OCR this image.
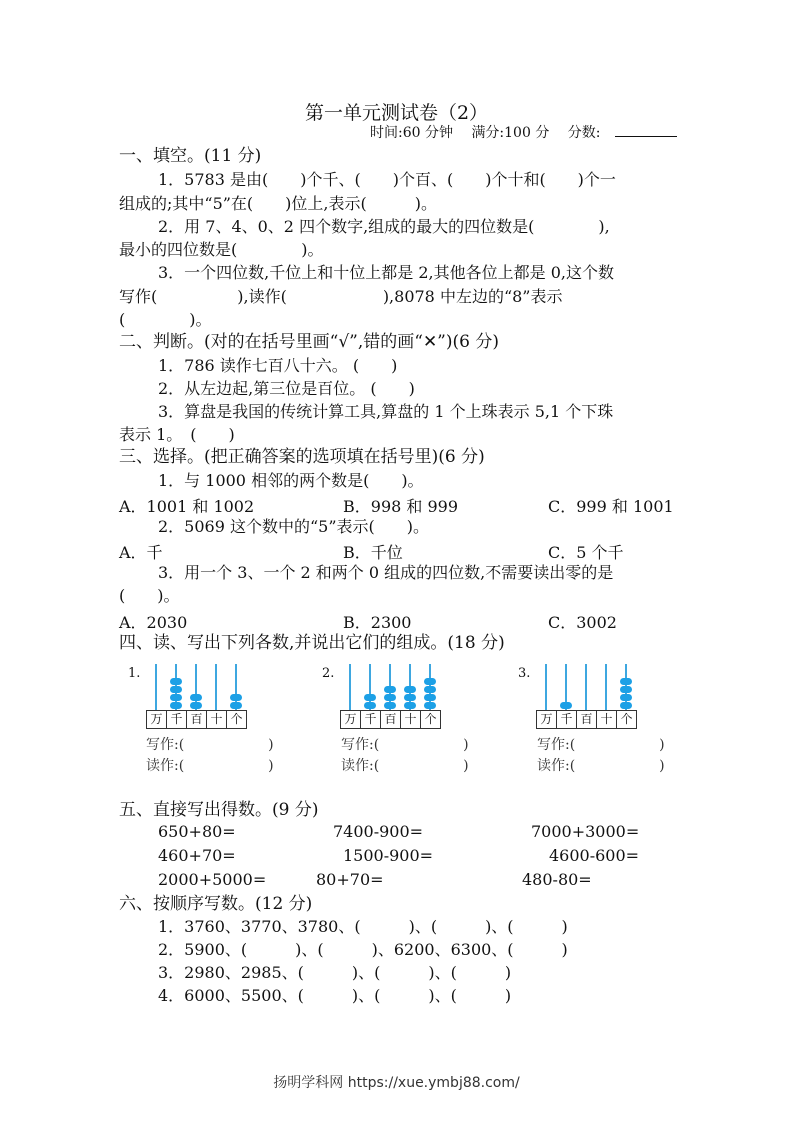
第一单元测试卷（2）
时间:60 分钟 满分:100 分 分数:
一、填空。(11 分)
1．5783 是由(　　)个千、(　　)个百、(　　)个十和(　　)个一
组成的;其中“5”在(　　)位上,表示(　　　)。
2．用 7、4、0、2 四个数字,组成的最大的四位数是(　　　　),
最小的四位数是(　　　　)。
3．一个四位数,千位上和十位上都是 2,其他各位上都是 0,这个数
写作(　　　　　),读作(　　　　　　),8078 中左边的“8”表示
(　　　　)。
二、判断。(对的在括号里画“√”,错的画“✕”)(6 分)
1．786 读作七百八十六。 (　　)
2．从左边起,第三位是百位。 (　　)
3．算盘是我国的传统计算工具,算盘的 1 个上珠表示 5,1 个下珠
表示 1。　(　　)
三、选择。(把正确答案的选项填在括号里)(6 分)
1．与 1000 相邻的两个数是(　　)。
A．1001 和 1002	B．998 和 999	C．999 和 1001
2．5069 这个数中的“5”表示(　　)。
A．千	B．千位	C．5 个千
3．用一个 3、一个 2 和两个 0 组成的四位数,不需要读出零的是
(　　)。
A．2030	B．2300	C．3002
四、读、写出下列各数,并说出它们的组成。(18 分)
1.
万 千 百 十 个
2.
万 千 百 十 个
3.
万 千 百 十 个
写作:(　　　　　　)
读作:(　　　　　　)
写作:(　　　　　　)
读作:(　　　　　　)
写作:(　　　　　　)
读作:(　　　　　　)
五、直接写出得数。(9 分)
650+80=	7400-900=	7000+3000=
460+70=	1500-900=	4600-600=
2000+5000=	80+70=	480-80=
六、按顺序写数。(12 分)
1．3760、3770、3780、(　　　)、(　　　)、(　　　)
2．5900、(　　　)、(　　　)、6200、6300、(　　　)
3．2980、2985、(　　　)、(　　　)、(　　　)
4．6000、5500、(　　　)、(　　　)、(　　　)
扬明学科网 https://xue.ymbj88.com/
